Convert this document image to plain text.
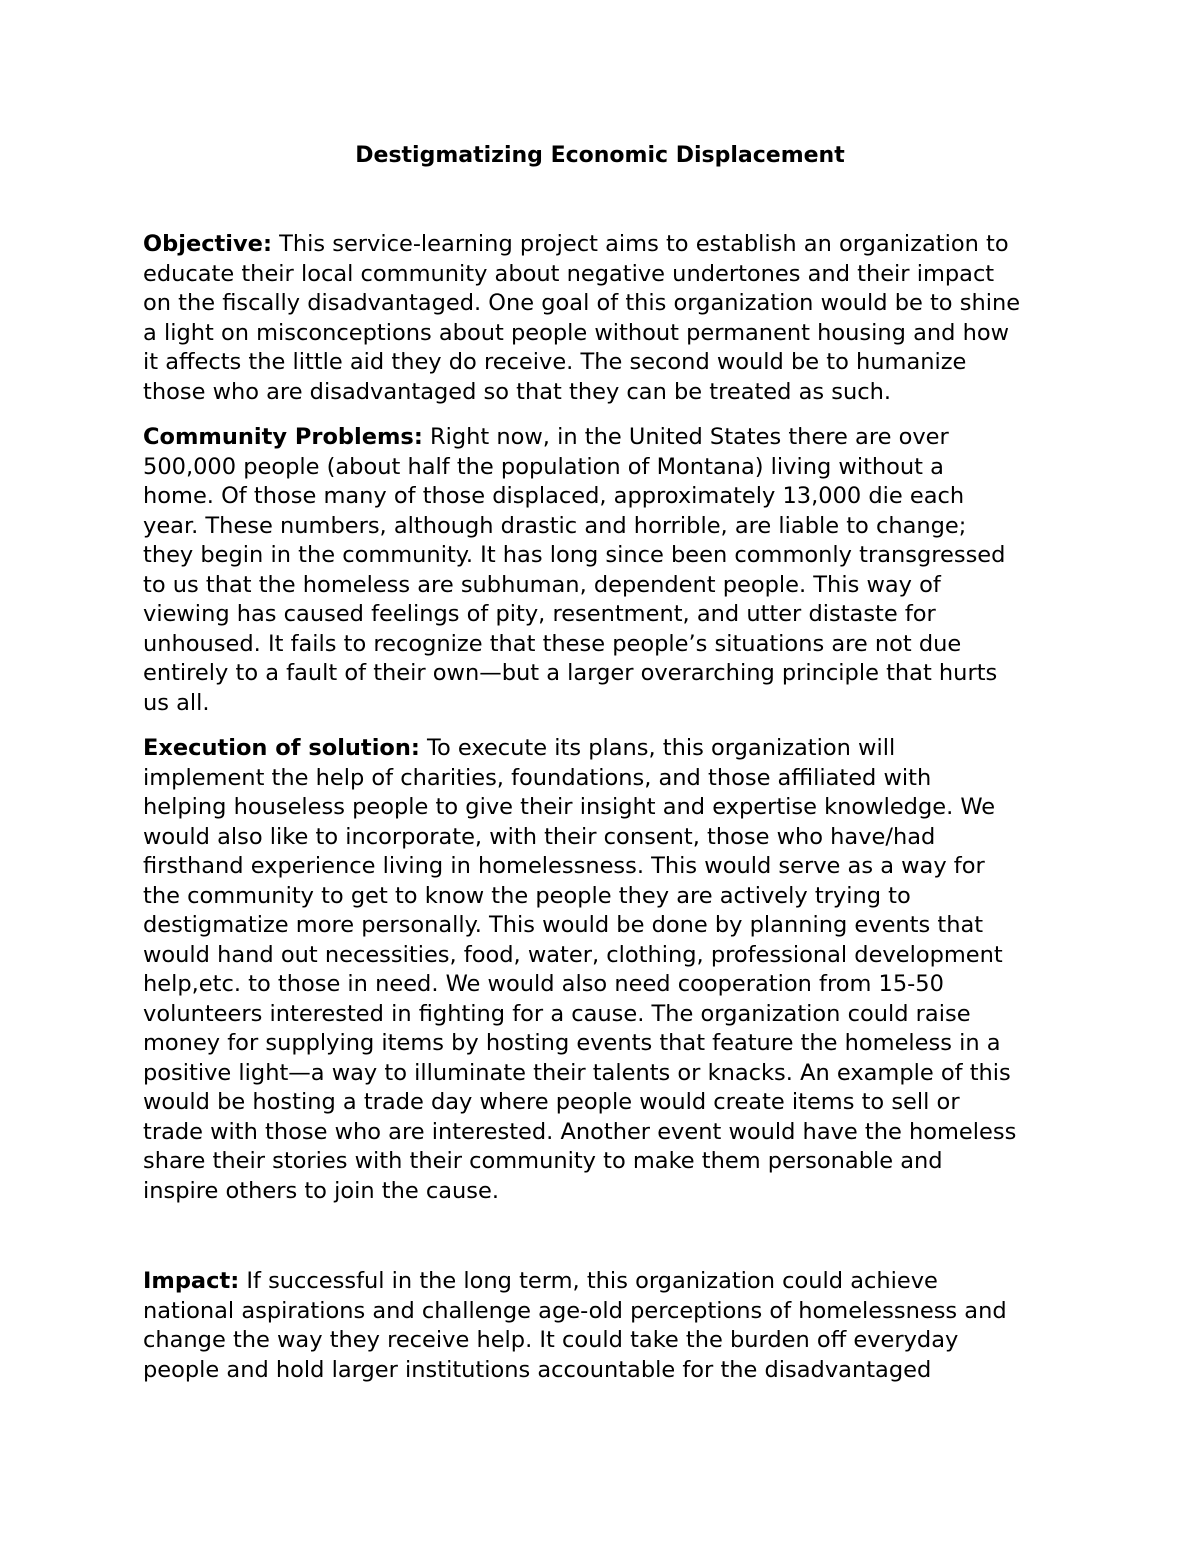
Destigmatizing Economic Displacement
Objective: This service-learning project aims to establish an organization to
educate their local community about negative undertones and their impact
on the fiscally disadvantaged. One goal of this organization would be to shine
a light on misconceptions about people without permanent housing and how
it affects the little aid they do receive. The second would be to humanize
those who are disadvantaged so that they can be treated as such.
Community Problems: Right now, in the United States there are over
500,000 people (about half the population of Montana) living without a
home. Of those many of those displaced, approximately 13,000 die each
year. These numbers, although drastic and horrible, are liable to change;
they begin in the community. It has long since been commonly transgressed
to us that the homeless are subhuman, dependent people. This way of
viewing has caused feelings of pity, resentment, and utter distaste for
unhoused. It fails to recognize that these people’s situations are not due
entirely to a fault of their own—but a larger overarching principle that hurts
us all.
Execution of solution: To execute its plans, this organization will
implement the help of charities, foundations, and those affiliated with
helping houseless people to give their insight and expertise knowledge. We
would also like to incorporate, with their consent, those who have/had
firsthand experience living in homelessness. This would serve as a way for
the community to get to know the people they are actively trying to
destigmatize more personally. This would be done by planning events that
would hand out necessities, food, water, clothing, professional development
help,etc. to those in need. We would also need cooperation from 15-50
volunteers interested in fighting for a cause. The organization could raise
money for supplying items by hosting events that feature the homeless in a
positive light—a way to illuminate their talents or knacks. An example of this
would be hosting a trade day where people would create items to sell or
trade with those who are interested. Another event would have the homeless
share their stories with their community to make them personable and
inspire others to join the cause.
Impact: If successful in the long term, this organization could achieve
national aspirations and challenge age-old perceptions of homelessness and
change the way they receive help. It could take the burden off everyday
people and hold larger institutions accountable for the disadvantaged
